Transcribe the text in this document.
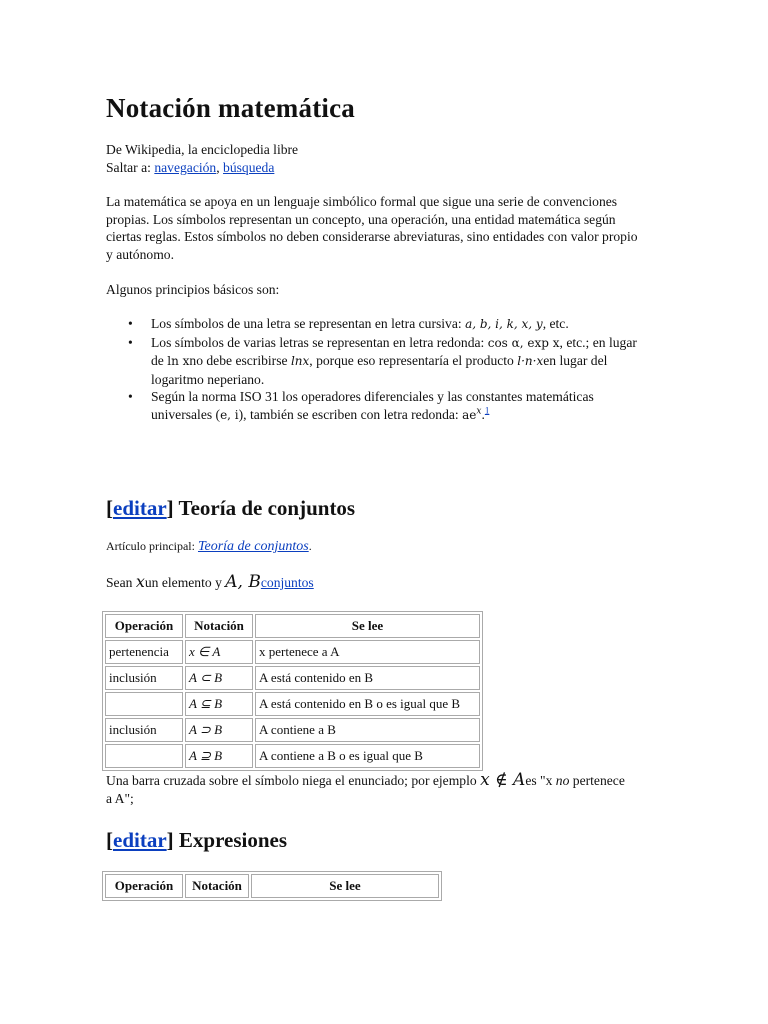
Notación matemática
De Wikipedia, la enciclopedia libre
Saltar a: navegación, búsqueda

La matemática se apoya en un lenguaje simbólico formal que sigue una serie de convenciones propias. Los símbolos representan un concepto, una operación, una entidad matemática según ciertas reglas. Estos símbolos no deben considerarse abreviaturas, sino entidades con valor propio y autónomo.

Algunos principios básicos son:

• Los símbolos de una letra se representan en letra cursiva: a, b, i, k, x, y, etc.
• Los símbolos de varias letras se representan en letra redonda: cos α, exp x, etc.; en lugar de ln xno debe escribirse lnx, porque eso representaría el producto l·n·xen lugar del logaritmo neperiano.
• Según la norma ISO 31 los operadores diferenciales y las constantes matemáticas universales (e, i), también se escriben con letra redonda: $ae^x.^1$
[editar] Teoría de conjuntos
Artículo principal: Teoría de conjuntos.
Sean xun elemento y A, Bconjuntos
Operación	Notación	Se lee
pertenencia	x ∈ A	x pertenece a A
inclusión	A ⊂ B	A está contenido en B
	A ⊆ B	A está contenido en B o es igual que B
inclusión	A ⊃ B	A contiene a B
	A ⊇ B	A contiene a B o es igual que B
Una barra cruzada sobre el símbolo niega el enunciado; por ejemplo x ∉ Aes "x no pertenece a A";
[editar] Expresiones
Operación	Notación	Se lee
